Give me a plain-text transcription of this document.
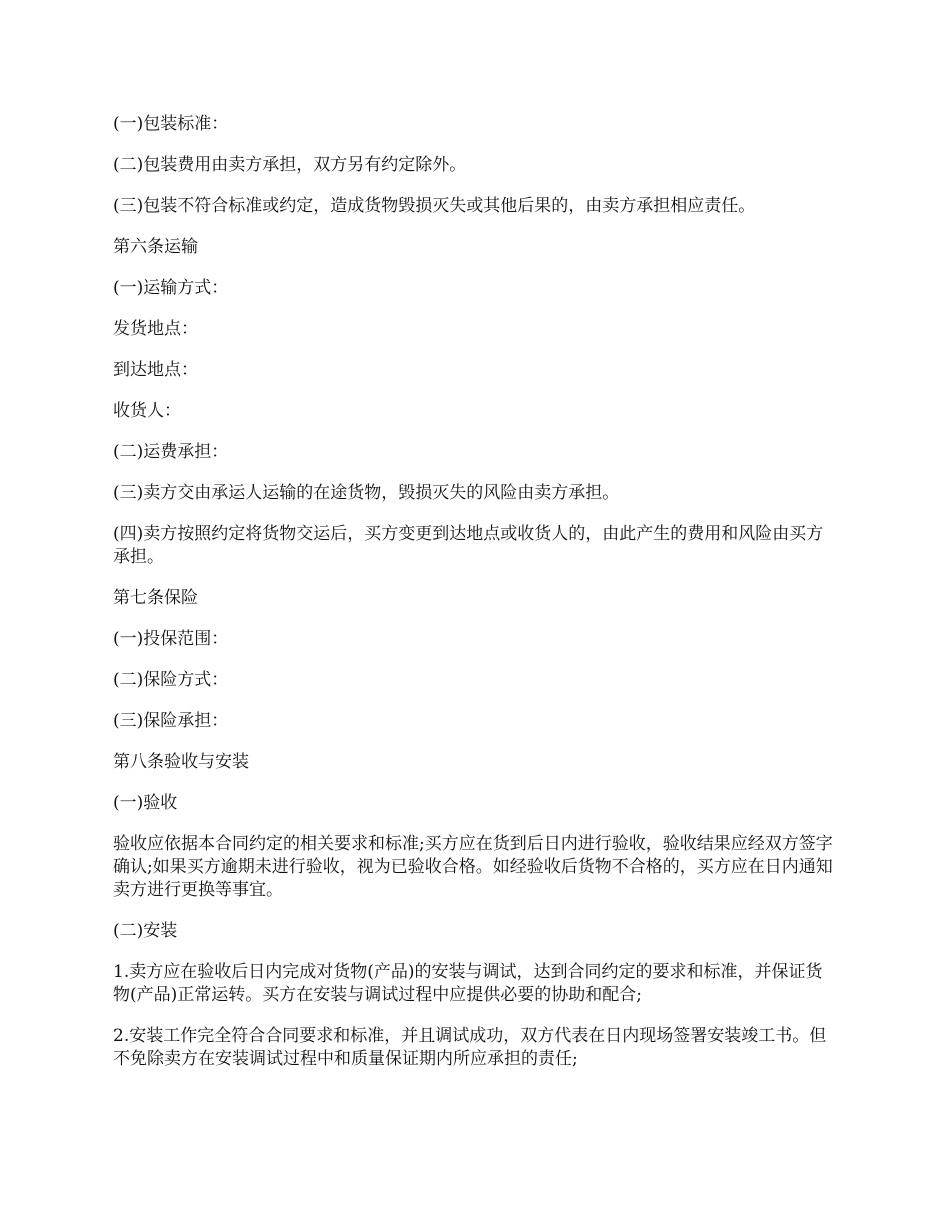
(一)包装标准：

(二)包装费用由卖方承担，双方另有约定除外。

(三)包装不符合标准或约定，造成货物毁损灭失或其他后果的，由卖方承担相应责任。

第六条运输

(一)运输方式：

发货地点：

到达地点：

收货人：

(二)运费承担：

(三)卖方交由承运人运输的在途货物，毁损灭失的风险由卖方承担。

(四)卖方按照约定将货物交运后，买方变更到达地点或收货人的，由此产生的费用和风险由买方承担。

第七条保险

(一)投保范围：

(二)保险方式：

(三)保险承担：

第八条验收与安装

(一)验收

验收应依据本合同约定的相关要求和标准;买方应在货到后日内进行验收，验收结果应经双方签字确认;如果买方逾期未进行验收，视为已验收合格。如经验收后货物不合格的，买方应在日内通知卖方进行更换等事宜。

(二)安装

1.卖方应在验收后日内完成对货物(产品)的安装与调试，达到合同约定的要求和标准，并保证货物(产品)正常运转。买方在安装与调试过程中应提供必要的协助和配合;

2.安装工作完全符合合同要求和标准，并且调试成功，双方代表在日内现场签署安装竣工书。但不免除卖方在安装调试过程中和质量保证期内所应承担的责任;
